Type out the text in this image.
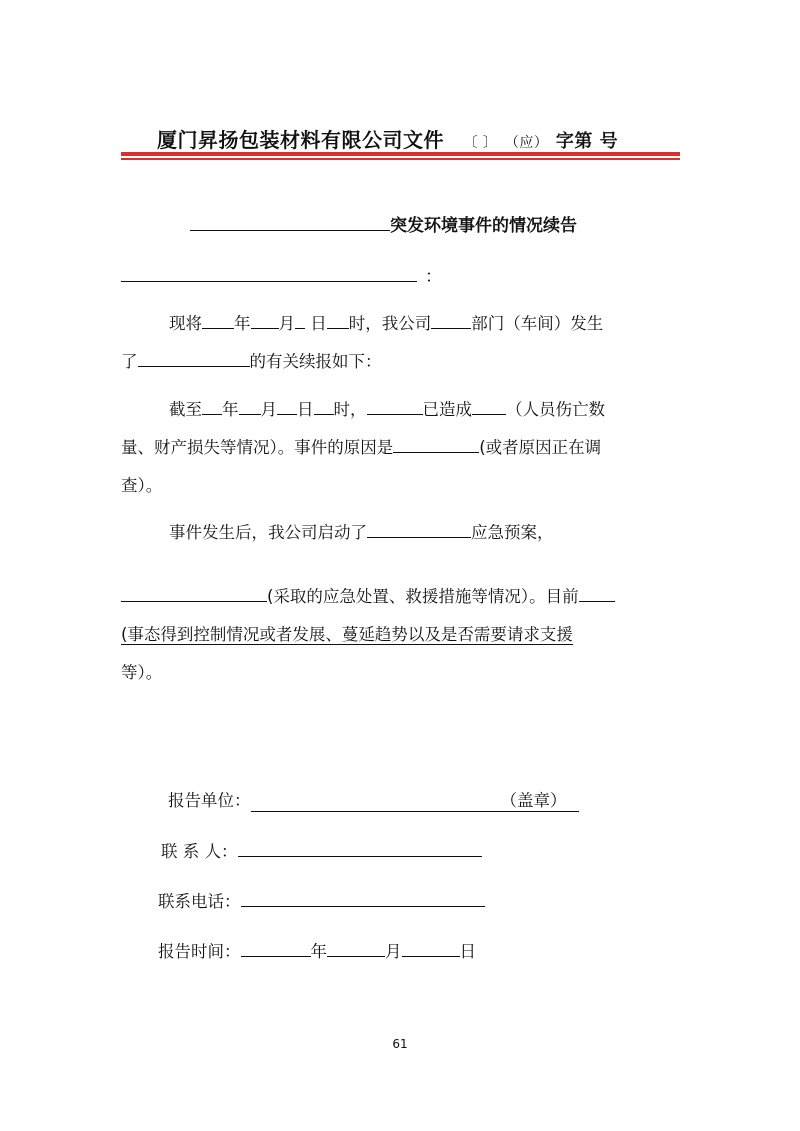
厦门昇扬包装材料有限公司文件 〔 〕 （应） 字第 号
突发环境事件的情况续告
：
现将 年 月 日 时，我公司 部门（车间）发生
了	的有关续报如下：
截至 年 月 日 时，	已造成 （人员伤亡数
量、财产损失等情况）。事件的原因是	(或者原因正在调
查）。
事件发生后，我公司启动了	应急预案，
(采取的应急处置、救援措施等情况）。目前
(事态得到控制情况或者发展、蔓延趋势以及是否需要请求支援
等）。
报告单位：	（盖章）
联 系 人：
联系电话：
报告时间：	年	月	日
61
